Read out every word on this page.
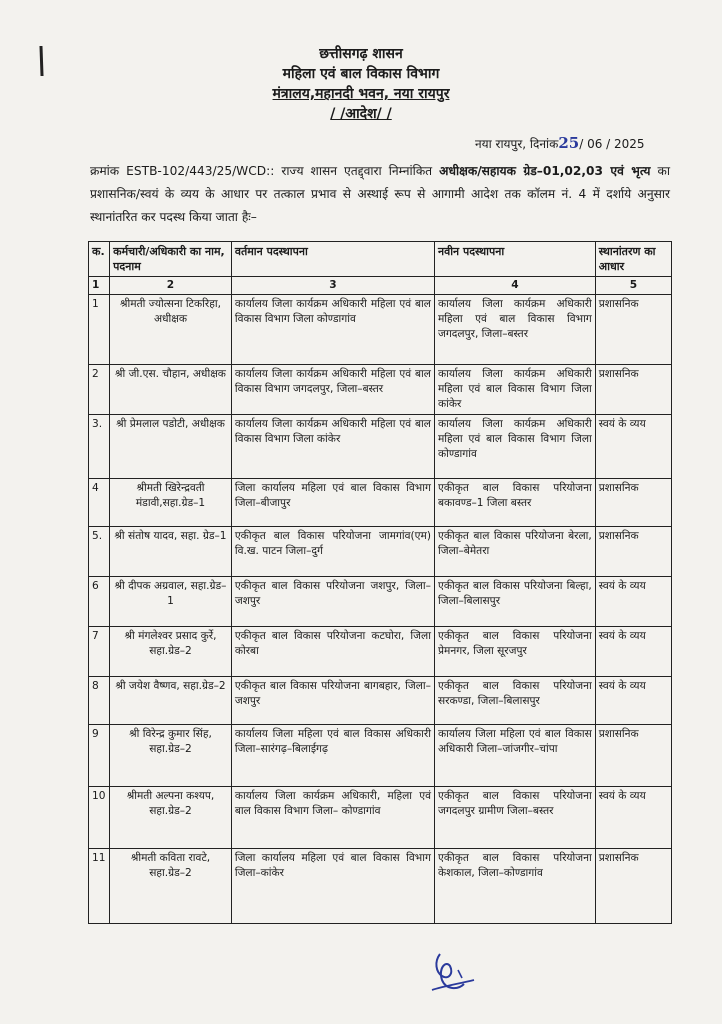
छत्तीसगढ़ शासन
महिला एवं बाल विकास विभाग
मंत्रालय,महानदी भवन, नया रायपुर
/ /आदेश/ /
नया रायपुर, दिनांक25/ 06 / 2025
क्रमांक ESTB-102/443/25/WCD:: राज्य शासन एतद्द्वारा निम्नांकित अधीक्षक/सहायक ग्रेड–01,02,03 एवं भृत्य का प्रशासनिक/स्वयं के व्यय के आधार पर तत्काल प्रभाव से अस्थाई रूप से आगामी आदेश तक कॉलम नं. 4 में दर्शाये अनुसार स्थानांतरित कर पदस्थ किया जाता हैः–
क.	कर्मचारी/अधिकारी का नाम, पदनाम	वर्तमान पदस्थापना	नवीन पदस्थापना	स्थानांतरण का आधार
1	2	3	4	5
1	श्रीमती ज्योत्सना टिकरिहा, अधीक्षक	कार्यालय जिला कार्यक्रम अधिकारी महिला एवं बाल विकास विभाग जिला कोण्डागांव	कार्यालय जिला कार्यक्रम अधिकारी महिला एवं बाल विकास विभाग जगदलपुर, जिला–बस्तर	प्रशासनिक
2	श्री जी.एस. चौहान, अधीक्षक	कार्यालय जिला कार्यक्रम अधिकारी महिला एवं बाल विकास विभाग जगदलपुर, जिला–बस्तर	कार्यालय जिला कार्यक्रम अधिकारी महिला एवं बाल विकास विभाग जिला कांकेर	प्रशासनिक
3.	श्री प्रेमलाल पडोटी, अधीक्षक	कार्यालय जिला कार्यक्रम अधिकारी महिला एवं बाल विकास विभाग जिला कांकेर	कार्यालय जिला कार्यक्रम अधिकारी महिला एवं बाल विकास विभाग जिला कोण्डागांव	स्वयं के व्यय
4	श्रीमती खिरेन्द्रवती मंडावी,सहा.ग्रेड–1	जिला कार्यालय महिला एवं बाल विकास विभाग जिला–बीजापुर	एकीकृत बाल विकास परियोजना बकावण्ड–1 जिला बस्तर	प्रशासनिक
5.	श्री संतोष यादव, सहा. ग्रेड–1	एकीकृत बाल विकास परियोजना जामगांव(एम) वि.ख. पाटन जिला–दुर्ग	एकीकृत बाल विकास परियोजना बेरला, जिला–बेमेतरा	प्रशासनिक
6	श्री दीपक अग्रवाल, सहा.ग्रेड–1	एकीकृत बाल विकास परियोजना जशपुर, जिला–जशपुर	एकीकृत बाल विकास परियोजना बिल्हा, जिला–बिलासपुर	स्वयं के व्यय
7	श्री मंगलेश्वर प्रसाद कुर्रे, सहा.ग्रेड–2	एकीकृत बाल विकास परियोजना कटघोरा, जिला कोरबा	एकीकृत बाल विकास परियोजना प्रेमनगर, जिला सूरजपुर	स्वयं के व्यय
8	श्री जयेश वैष्णव, सहा.ग्रेड–2	एकीकृत बाल विकास परियोजना बागबहार, जिला–जशपुर	एकीकृत बाल विकास परियोजना सरकण्डा, जिला–बिलासपुर	स्वयं के व्यय
9	श्री विरेन्द्र कुमार सिंह, सहा.ग्रेड–2	कार्यालय जिला महिला एवं बाल विकास अधिकारी जिला–सारंगढ़–बिलाईगढ़	कार्यालय जिला महिला एवं बाल विकास अधिकारी जिला–जांजगीर–चांपा	प्रशासनिक
10	श्रीमती अल्पना कश्यप, सहा.ग्रेड–2	कार्यालय जिला कार्यक्रम अधिकारी, महिला एवं बाल विकास विभाग जिला– कोण्डागांव	एकीकृत बाल विकास परियोजना जगदलपुर ग्रामीण जिला–बस्तर	स्वयं के व्यय
11	श्रीमती कविता रावटे, सहा.ग्रेड–2	जिला कार्यालय महिला एवं बाल विकास विभाग जिला–कांकेर	एकीकृत बाल विकास परियोजना केशकाल, जिला–कोण्डागांव	प्रशासनिक
